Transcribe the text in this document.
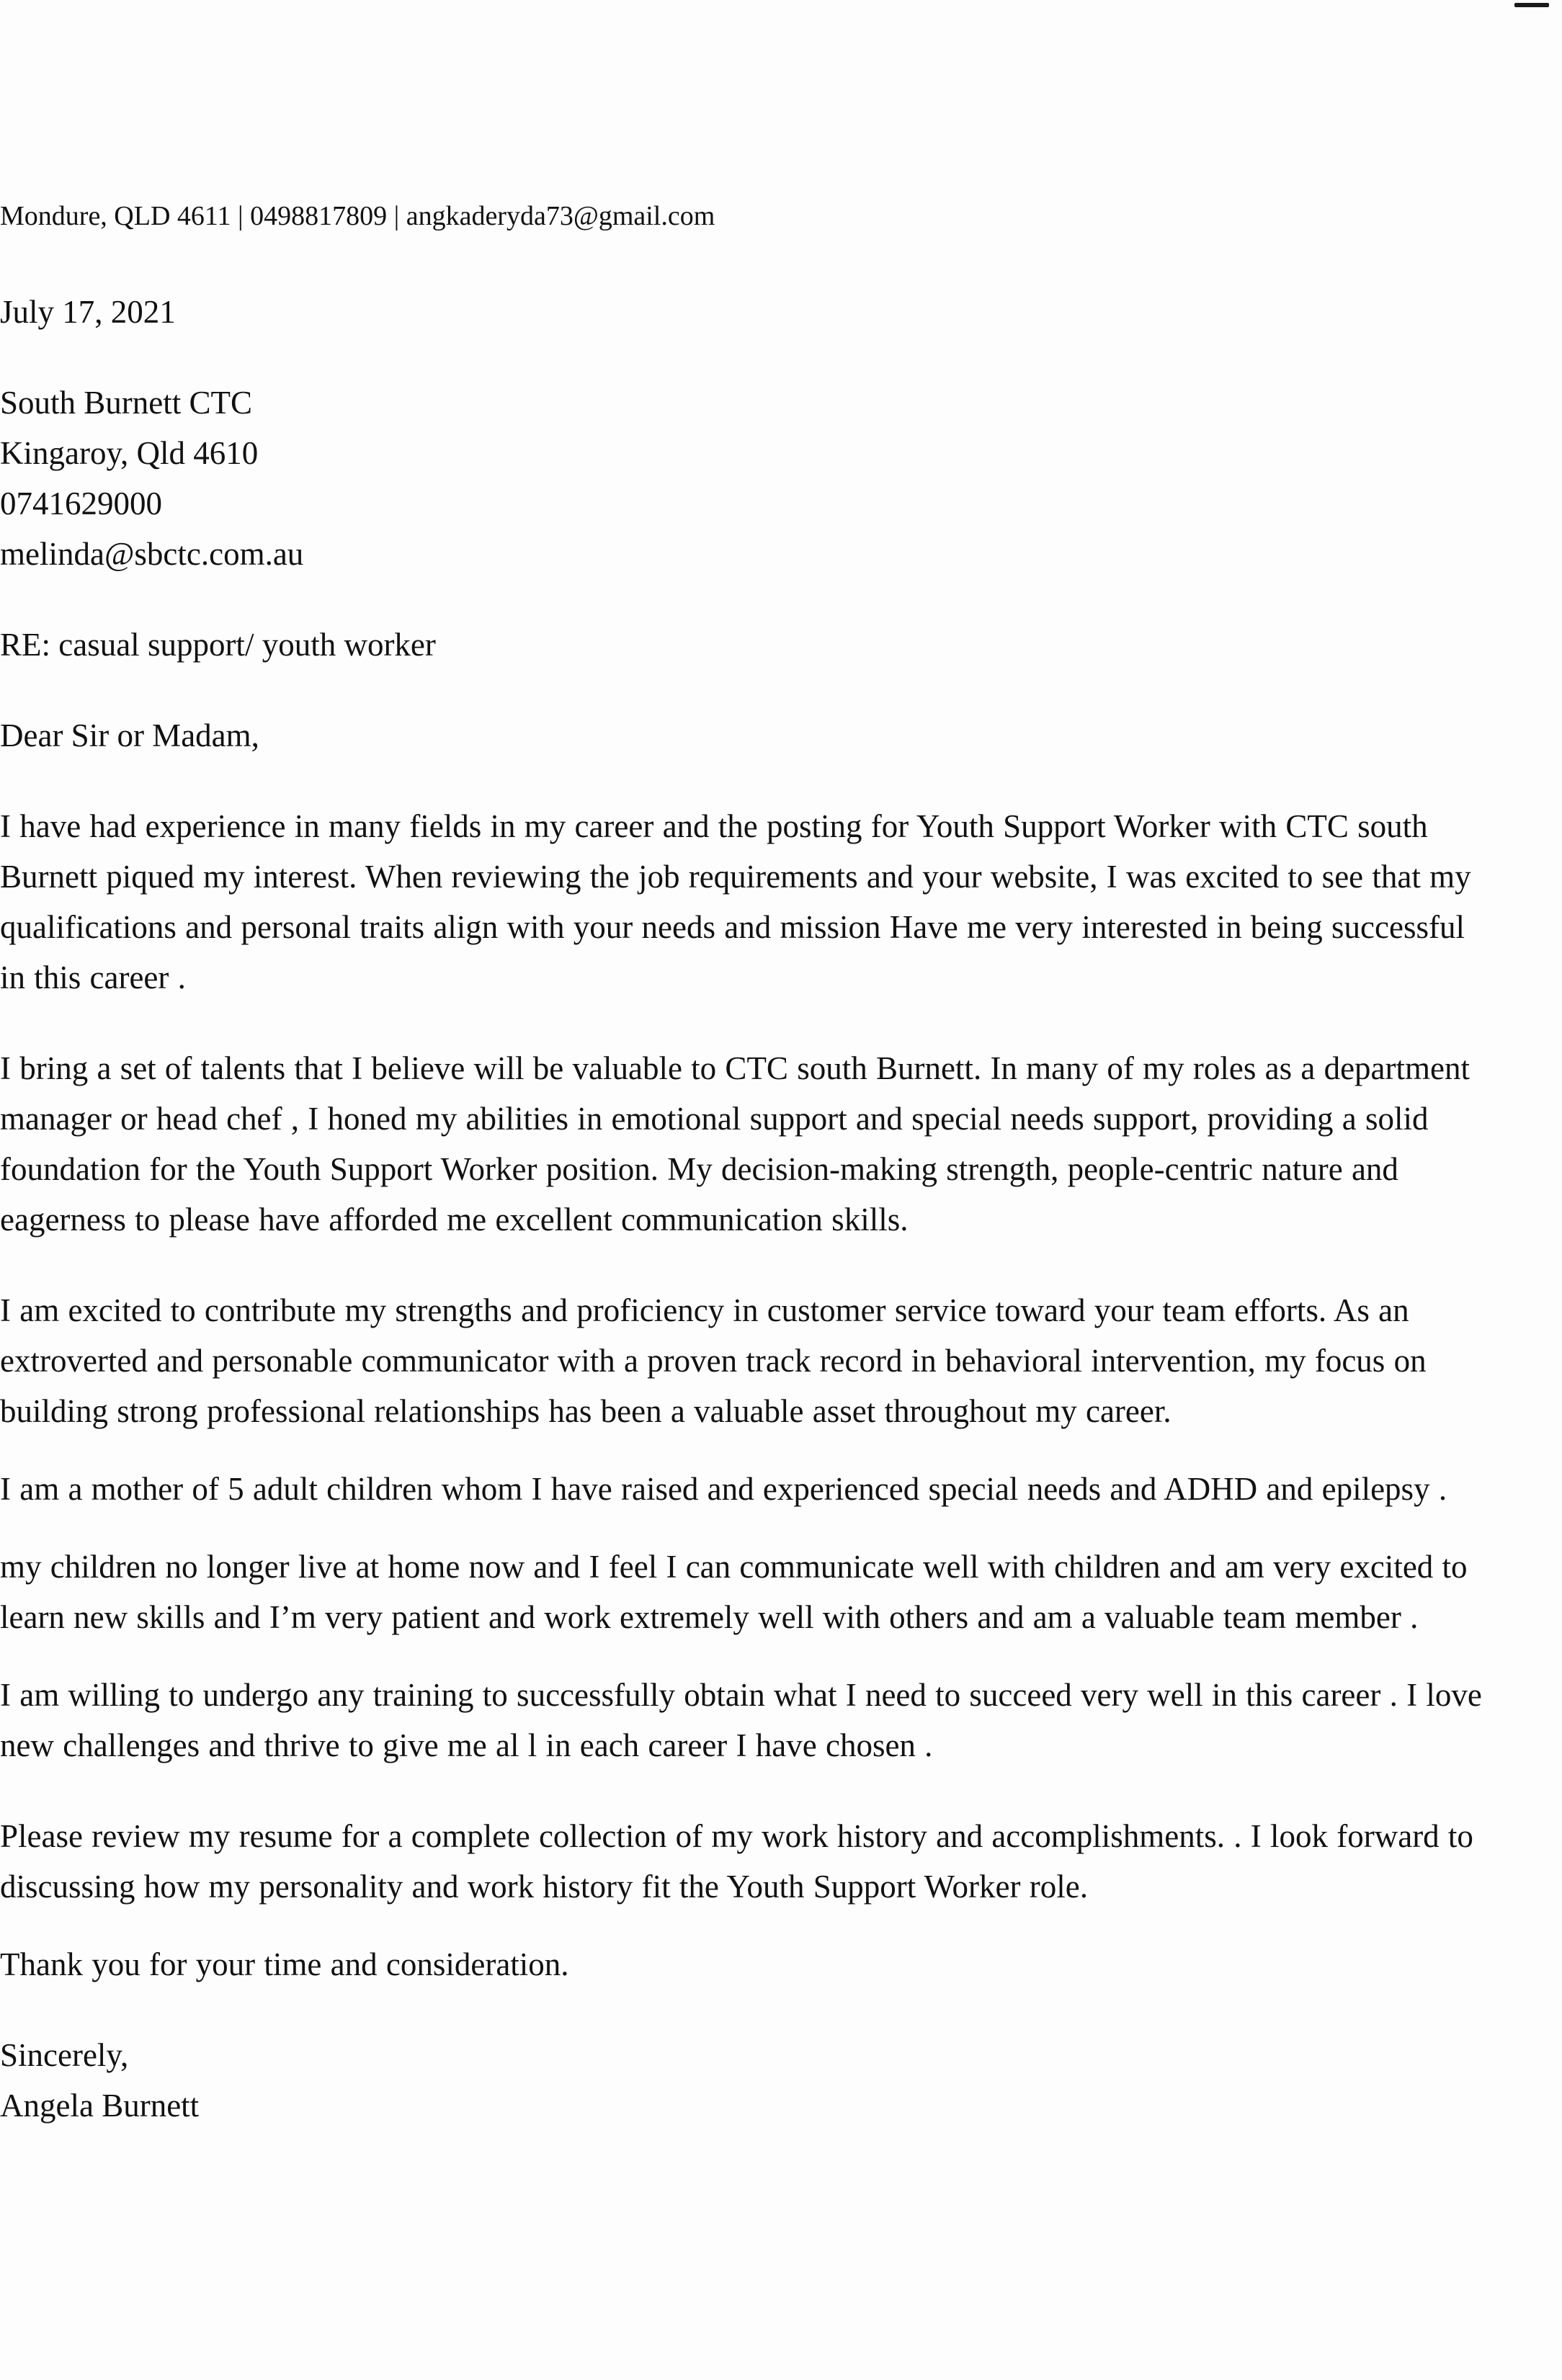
Mondure, QLD 4611 | 0498817809 | angkaderyda73@gmail.com
July 17, 2021
South Burnett CTC
Kingaroy, Qld 4610
0741629000
melinda@sbctc.com.au
RE: casual support/ youth worker
Dear Sir or Madam,
I have had experience in many fields in my career and the posting for Youth Support Worker with CTC south Burnett piqued my interest. When reviewing the job requirements and your website, I was excited to see that my qualifications and personal traits align with your needs and mission Have me very interested in being successful in this career .
I bring a set of talents that I believe will be valuable to CTC south Burnett. In many of my roles as a department manager or head chef , I honed my abilities in emotional support and special needs support, providing a solid foundation for the Youth Support Worker position. My decision-making strength, people-centric nature and eagerness to please have afforded me excellent communication skills.
I am excited to contribute my strengths and proficiency in customer service toward your team efforts. As an extroverted and personable communicator with a proven track record in behavioral intervention, my focus on building strong professional relationships has been a valuable asset throughout my career.
I am a mother of 5 adult children whom I have raised and experienced special needs and ADHD and epilepsy .
my children no longer live at home now and I feel I can communicate well with children and am very excited to learn new skills and I’m very patient and work extremely well with others and am a valuable team member .
I am willing to undergo any training to successfully obtain what I need to succeed very well in this career . I love new challenges and thrive to give me al l in each career I have chosen .
Please review my resume for a complete collection of my work history and accomplishments. . I look forward to discussing how my personality and work history fit the Youth Support Worker role.
Thank you for your time and consideration.
Sincerely,
Angela Burnett
